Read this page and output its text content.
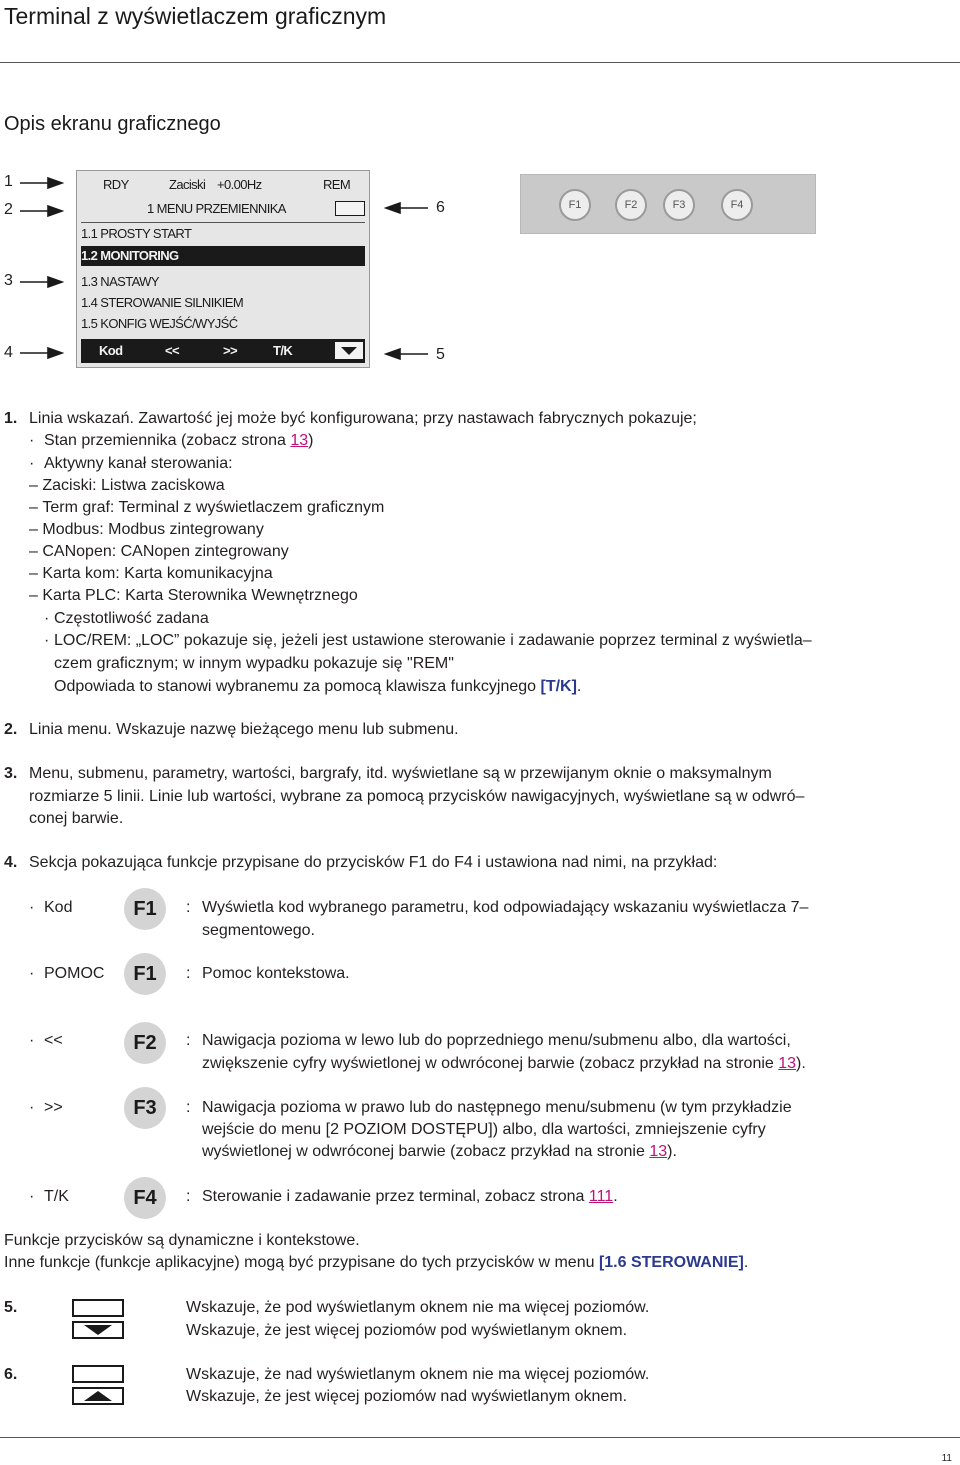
Terminal z wyświetlaczem graficznym
Opis ekranu graficznego
1
2
3
4
6
5
RDY	Zaciski +0.00Hz	REM
1 MENU PRZEMIENNIKA
1.1 PROSTY START
1.2 MONITORING
1.3 NASTAWY
1.4 STEROWANIE SILNIKIEM
1.5 KONFIG WEJŚĆ/WYJŚĆ
Kod	<<	>>	T/K
F1	F2	F3	F4
1. Linia wskazań. Zawartość jej może być konfigurowana; przy nastawach fabrycznych pokazuje;
· Stan przemiennika (zobacz strona 13)
· Aktywny kanał sterowania:
– Zaciski: Listwa zaciskowa
– Term graf: Terminal z wyświetlaczem graficznym
– Modbus: Modbus zintegrowany
– CANopen: CANopen zintegrowany
– Karta kom: Karta komunikacyjna
– Karta PLC: Karta Sterownika Wewnętrznego
· Częstotliwość zadana
· LOC/REM: „LOC” pokazuje się, jeżeli jest ustawione sterowanie i zadawanie poprzez terminal z wyświetla–
czem graficznym; w innym wypadku pokazuje się "REM"
Odpowiada to stanowi wybranemu za pomocą klawisza funkcyjnego [T/K].
2. Linia menu. Wskazuje nazwę bieżącego menu lub submenu.
3. Menu, submenu, parametry, wartości, bargrafy, itd. wyświetlane są w przewijanym oknie o maksymalnym
rozmiarze 5 linii. Linie lub wartości, wybrane za pomocą przycisków nawigacyjnych, wyświetlane są w odwró–
conej barwie.
4. Sekcja pokazująca funkcje przypisane do przycisków F1 do F4 i ustawiona nad nimi, na przykład:
· Kod	F1	: Wyświetla kod wybranego parametru, kod odpowiadający wskazaniu wyświetlacza 7–
segmentowego.
· POMOC	F1	: Pomoc kontekstowa.
· <<	F2	: Nawigacja pozioma w lewo lub do poprzedniego menu/submenu albo, dla wartości,
zwiększenie cyfry wyświetlonej w odwróconej barwie (zobacz przykład na stronie 13).
· >>	F3	: Nawigacja pozioma w prawo lub do następnego menu/submenu (w tym przykładzie
wejście do menu [2 POZIOM DOSTĘPU]) albo, dla wartości, zmniejszenie cyfry
wyświetlonej w odwróconej barwie (zobacz przykład na stronie 13).
· T/K	F4	: Sterowanie i zadawanie przez terminal, zobacz strona 111.
Funkcje przycisków są dynamiczne i kontekstowe.
Inne funkcje (funkcje aplikacyjne) mogą być przypisane do tych przycisków w menu [1.6 STEROWANIE].
5.	Wskazuje, że pod wyświetlanym oknem nie ma więcej poziomów.
Wskazuje, że jest więcej poziomów pod wyświetlanym oknem.
6.	Wskazuje, że nad wyświetlanym oknem nie ma więcej poziomów.
Wskazuje, że jest więcej poziomów nad wyświetlanym oknem.
11
